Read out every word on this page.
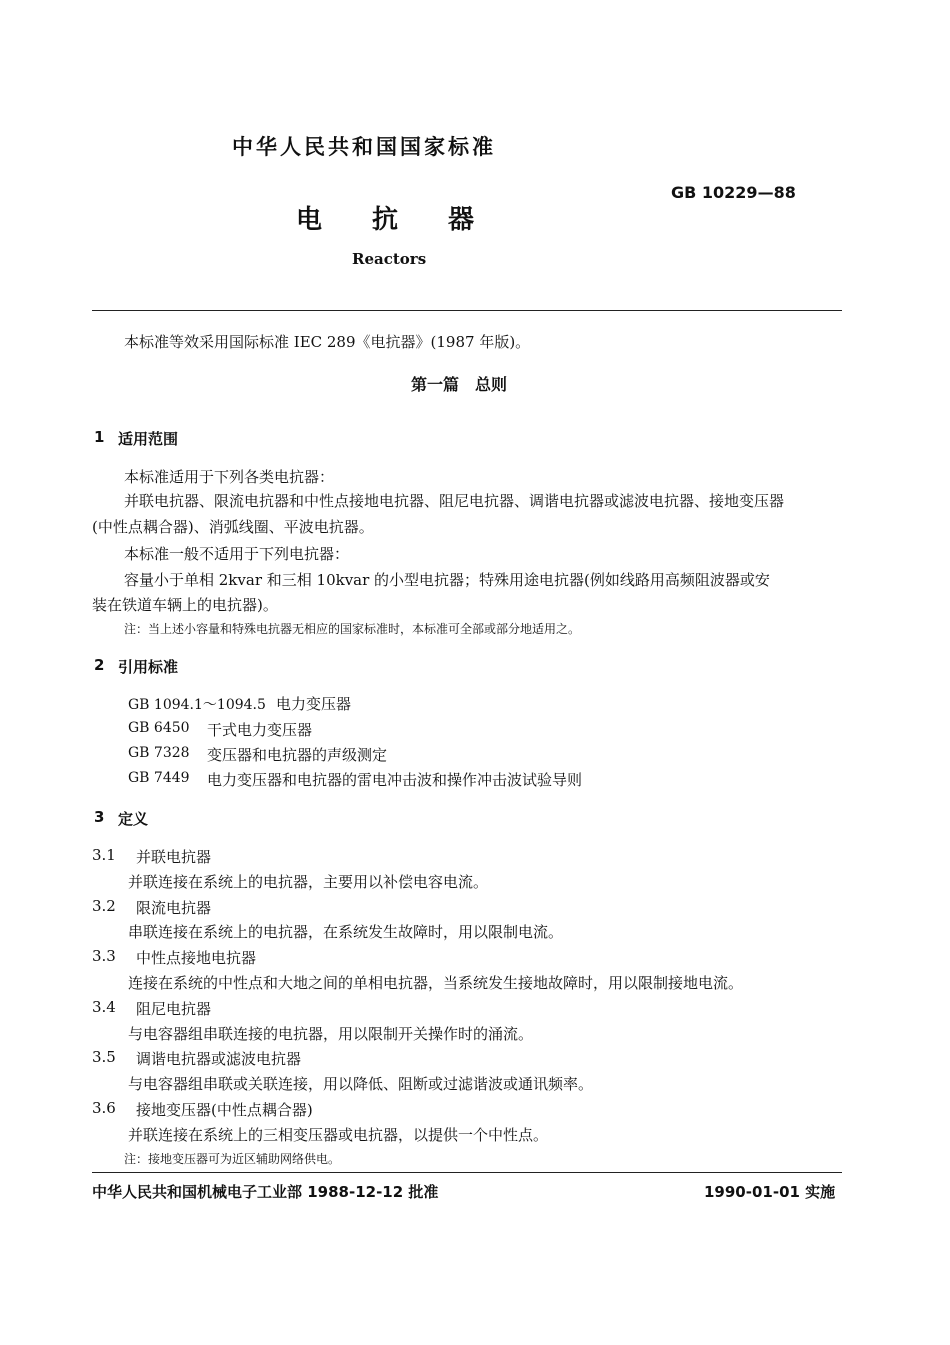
中华人民共和国国家标准
GB 10229—88
电 抗 器
Reactors
本标准等效采用国际标准 IEC 289《电抗器》(1987 年版)。
第一篇　总则
1 适用范围
本标准适用于下列各类电抗器：
并联电抗器、限流电抗器和中性点接地电抗器、阻尼电抗器、调谐电抗器或滤波电抗器、接地变压器
(中性点耦合器)、消弧线圈、平波电抗器。
本标准一般不适用于下列电抗器：
容量小于单相 2kvar 和三相 10kvar 的小型电抗器；特殊用途电抗器(例如线路用高频阻波器或安
装在铁道车辆上的电抗器)。
注：当上述小容量和特殊电抗器无相应的国家标准时，本标准可全部或部分地适用之。
2 引用标准
GB 1094.1～1094.5 电力变压器
GB 6450 干式电力变压器
GB 7328 变压器和电抗器的声级测定
GB 7449 电力变压器和电抗器的雷电冲击波和操作冲击波试验导则
3 定义
3.1 并联电抗器
并联连接在系统上的电抗器，主要用以补偿电容电流。
3.2 限流电抗器
串联连接在系统上的电抗器，在系统发生故障时，用以限制电流。
3.3 中性点接地电抗器
连接在系统的中性点和大地之间的单相电抗器，当系统发生接地故障时，用以限制接地电流。
3.4 阻尼电抗器
与电容器组串联连接的电抗器，用以限制开关操作时的涌流。
3.5 调谐电抗器或滤波电抗器
与电容器组串联或关联连接，用以降低、阻断或过滤谐波或通讯频率。
3.6 接地变压器(中性点耦合器)
并联连接在系统上的三相变压器或电抗器，以提供一个中性点。
注：接地变压器可为近区辅助网络供电。
中华人民共和国机械电子工业部 1988-12-12 批准	1990-01-01 实施
